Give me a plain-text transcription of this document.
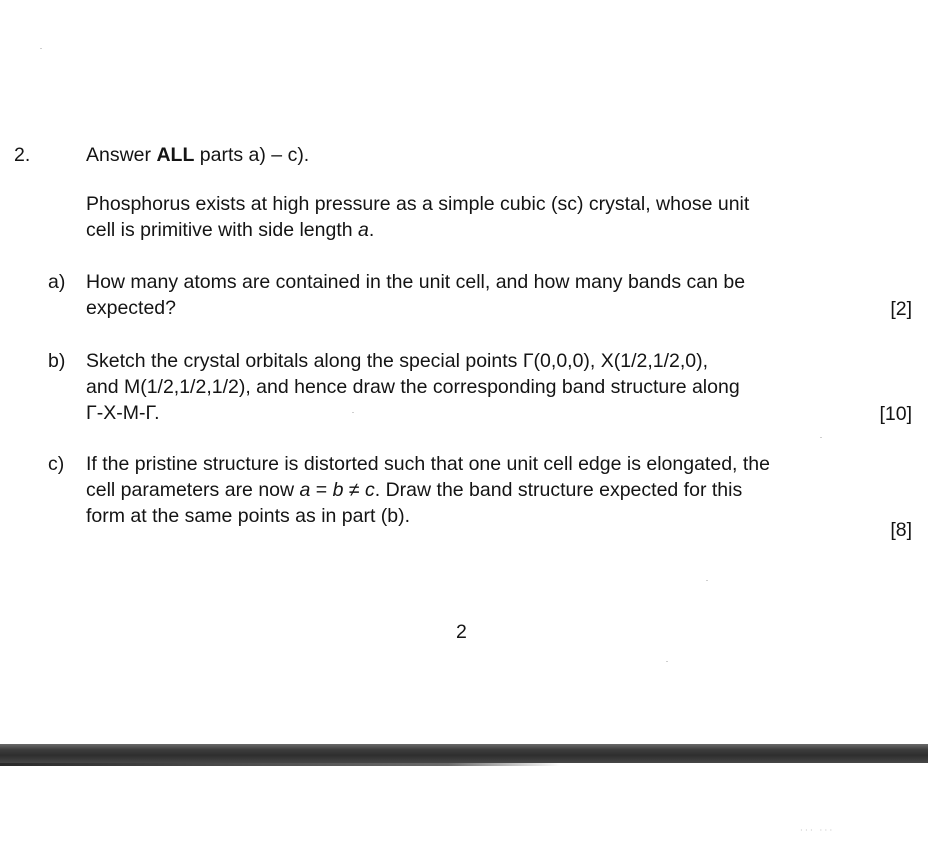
2.	Answer ALL parts a) – c).
Phosphorus exists at high pressure as a simple cubic (sc) crystal, whose unit
cell is primitive with side length a.
a) How many atoms are contained in the unit cell, and how many bands can be
expected?	[2]
b) Sketch the crystal orbitals along the special points Γ(0,0,0), X(1/2,1/2,0),
and M(1/2,1/2,1/2), and hence draw the corresponding band structure along
Γ-X-M-Γ.	[10]
c) If the pristine structure is distorted such that one unit cell edge is elongated, the
cell parameters are now a = b ≠ c. Draw the band structure expected for this
form at the same points as in part (b).
[8]
2
˙˙˙ ˙˙˙
